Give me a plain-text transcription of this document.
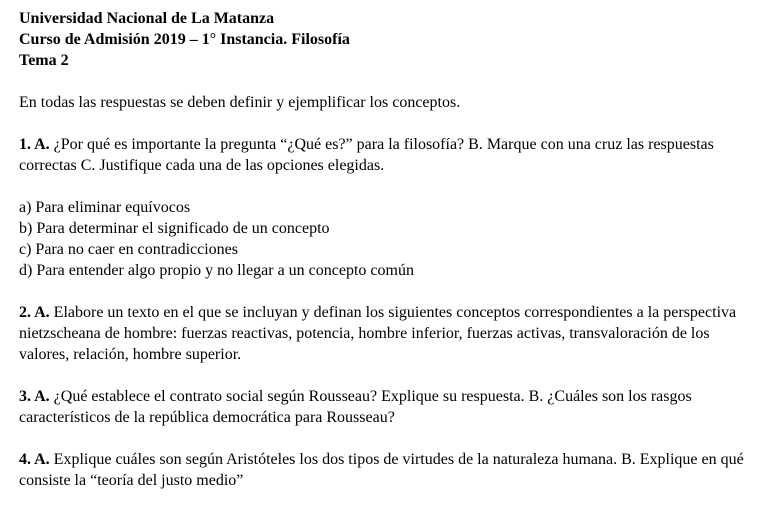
Universidad Nacional de La Matanza

Curso de Admisión 2019 – 1° Instancia. Filosofía

Tema 2

En todas las respuestas se deben definir y ejemplificar los conceptos.
1. A. ¿Por qué es importante la pregunta “¿Qué es?” para la filosofía? B. Marque con una cruz las respuestas correctas C. Justifique cada una de las opciones elegidas.

a) Para eliminar equívocos

b) Para determinar el significado de un concepto

c) Para no caer en contradicciones

d) Para entender algo propio y no llegar a un concepto común

2. A. Elabore un texto en el que se incluyan y definan los siguientes conceptos correspondientes a la perspectiva nietzscheana de hombre: fuerzas reactivas, potencia, hombre inferior, fuerzas activas, transvaloración de los valores, relación, hombre superior.
3. A. ¿Qué establece el contrato social según Rousseau? Explique su respuesta. B. ¿Cuáles son los rasgos característicos de la república democrática para Rousseau?
4. A. Explique cuáles son según Aristóteles los dos tipos de virtudes de la naturaleza humana. B. Explique en qué consiste la “teoría del justo medio”
